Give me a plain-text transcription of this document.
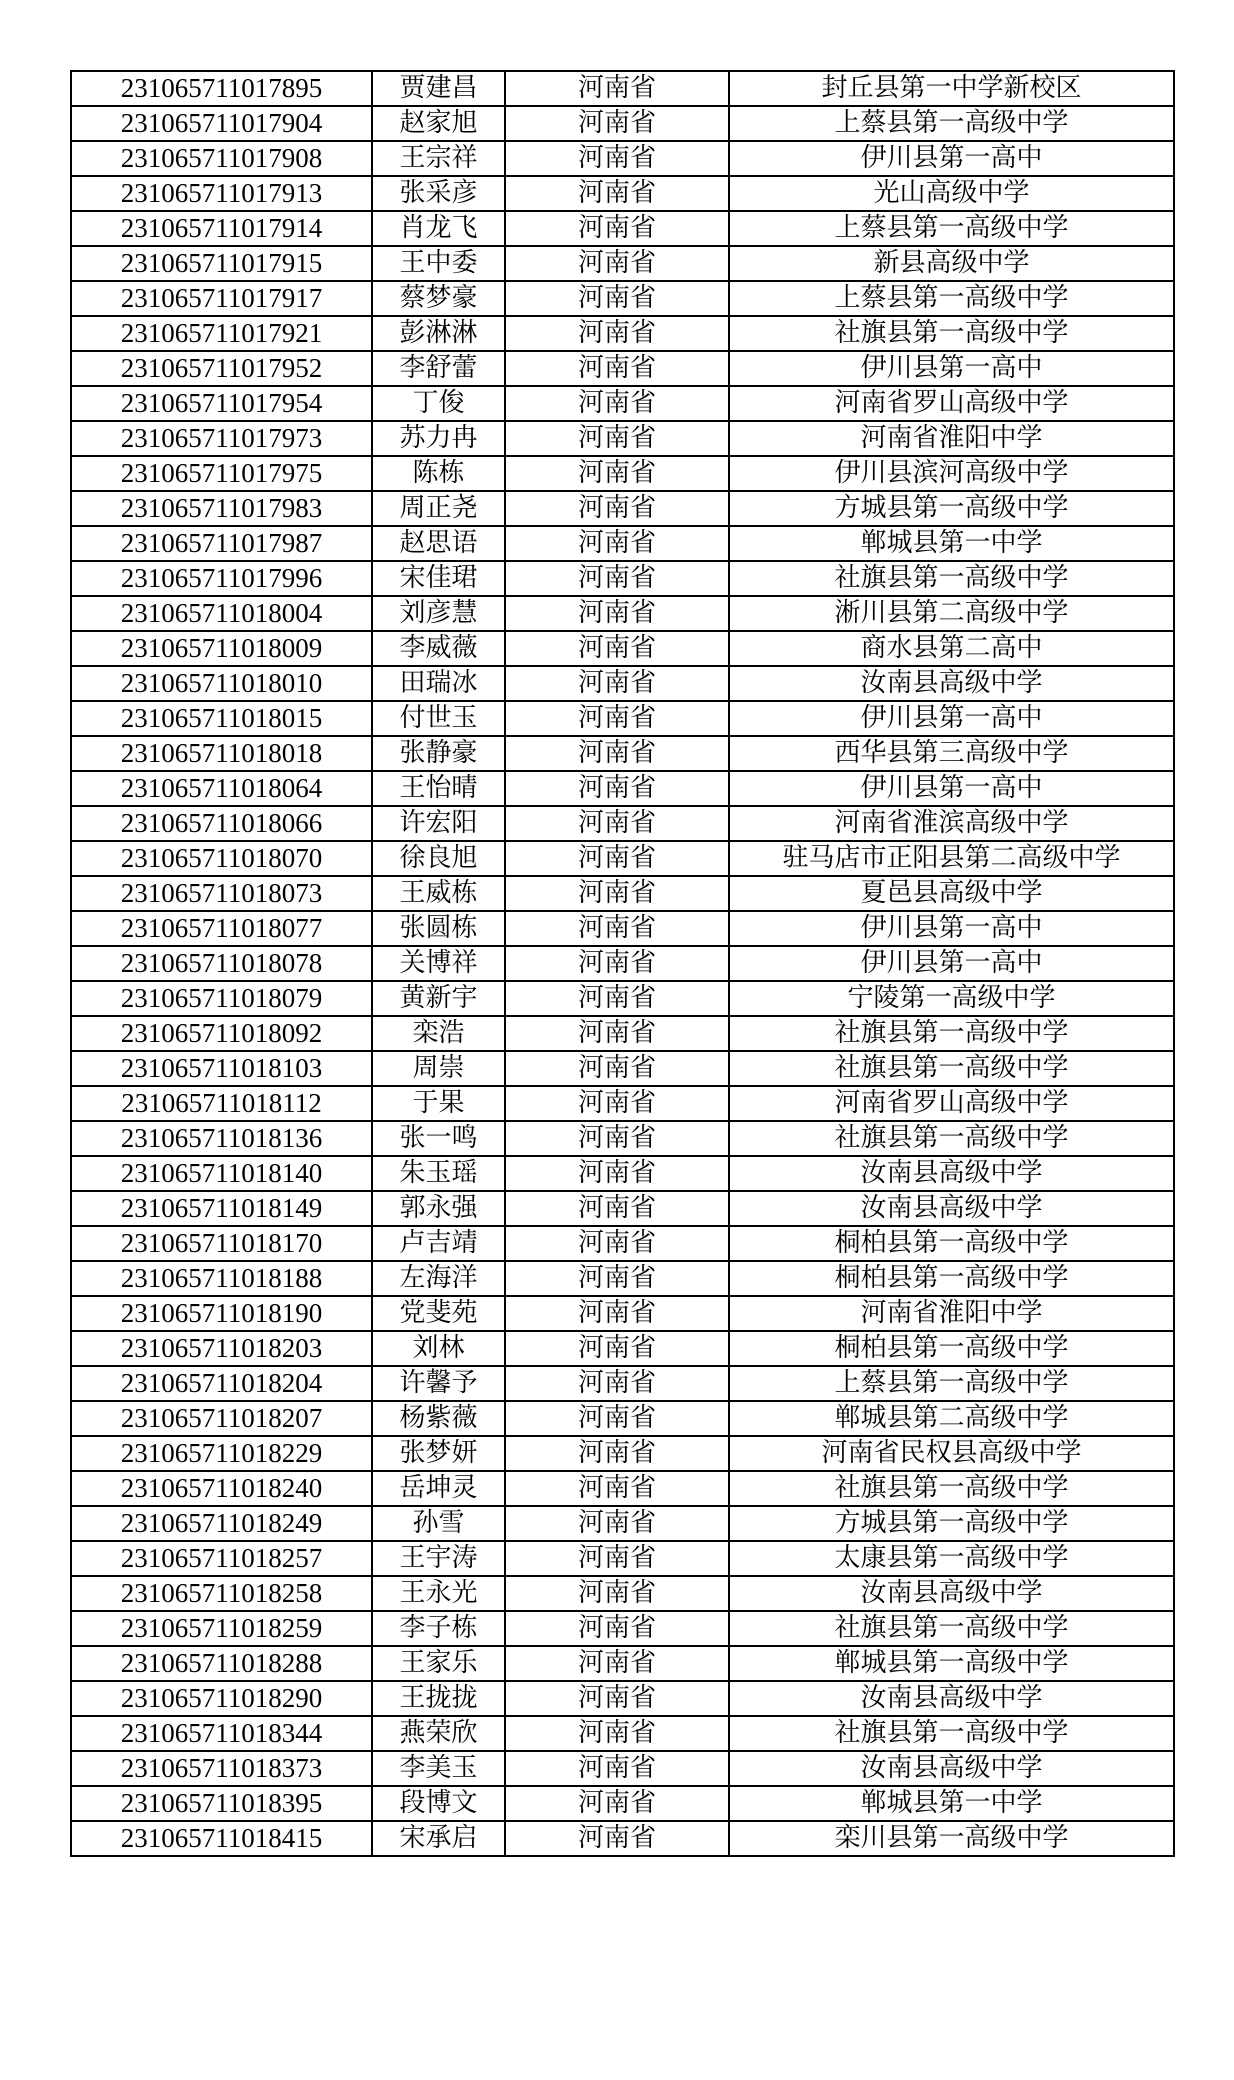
231065711017895	贾建昌	河南省	封丘县第一中学新校区
231065711017904	赵家旭	河南省	上蔡县第一高级中学
231065711017908	王宗祥	河南省	伊川县第一高中
231065711017913	张采彦	河南省	光山高级中学
231065711017914	肖龙飞	河南省	上蔡县第一高级中学
231065711017915	王中委	河南省	新县高级中学
231065711017917	蔡梦豪	河南省	上蔡县第一高级中学
231065711017921	彭淋淋	河南省	社旗县第一高级中学
231065711017952	李舒蕾	河南省	伊川县第一高中
231065711017954	丁俊	河南省	河南省罗山高级中学
231065711017973	苏力冉	河南省	河南省淮阳中学
231065711017975	陈栋	河南省	伊川县滨河高级中学
231065711017983	周正尧	河南省	方城县第一高级中学
231065711017987	赵思语	河南省	郸城县第一中学
231065711017996	宋佳珺	河南省	社旗县第一高级中学
231065711018004	刘彦慧	河南省	淅川县第二高级中学
231065711018009	李威薇	河南省	商水县第二高中
231065711018010	田瑞冰	河南省	汝南县高级中学
231065711018015	付世玉	河南省	伊川县第一高中
231065711018018	张静豪	河南省	西华县第三高级中学
231065711018064	王怡晴	河南省	伊川县第一高中
231065711018066	许宏阳	河南省	河南省淮滨高级中学
231065711018070	徐良旭	河南省	驻马店市正阳县第二高级中学
231065711018073	王威栋	河南省	夏邑县高级中学
231065711018077	张圆栋	河南省	伊川县第一高中
231065711018078	关博祥	河南省	伊川县第一高中
231065711018079	黄新宇	河南省	宁陵第一高级中学
231065711018092	栾浩	河南省	社旗县第一高级中学
231065711018103	周崇	河南省	社旗县第一高级中学
231065711018112	于果	河南省	河南省罗山高级中学
231065711018136	张一鸣	河南省	社旗县第一高级中学
231065711018140	朱玉瑶	河南省	汝南县高级中学
231065711018149	郭永强	河南省	汝南县高级中学
231065711018170	卢吉靖	河南省	桐柏县第一高级中学
231065711018188	左海洋	河南省	桐柏县第一高级中学
231065711018190	党斐苑	河南省	河南省淮阳中学
231065711018203	刘林	河南省	桐柏县第一高级中学
231065711018204	许馨予	河南省	上蔡县第一高级中学
231065711018207	杨紫薇	河南省	郸城县第二高级中学
231065711018229	张梦妍	河南省	河南省民权县高级中学
231065711018240	岳坤灵	河南省	社旗县第一高级中学
231065711018249	孙雪	河南省	方城县第一高级中学
231065711018257	王宇涛	河南省	太康县第一高级中学
231065711018258	王永光	河南省	汝南县高级中学
231065711018259	李子栋	河南省	社旗县第一高级中学
231065711018288	王家乐	河南省	郸城县第一高级中学
231065711018290	王拢拢	河南省	汝南县高级中学
231065711018344	燕荣欣	河南省	社旗县第一高级中学
231065711018373	李美玉	河南省	汝南县高级中学
231065711018395	段博文	河南省	郸城县第一中学
231065711018415	宋承启	河南省	栾川县第一高级中学
